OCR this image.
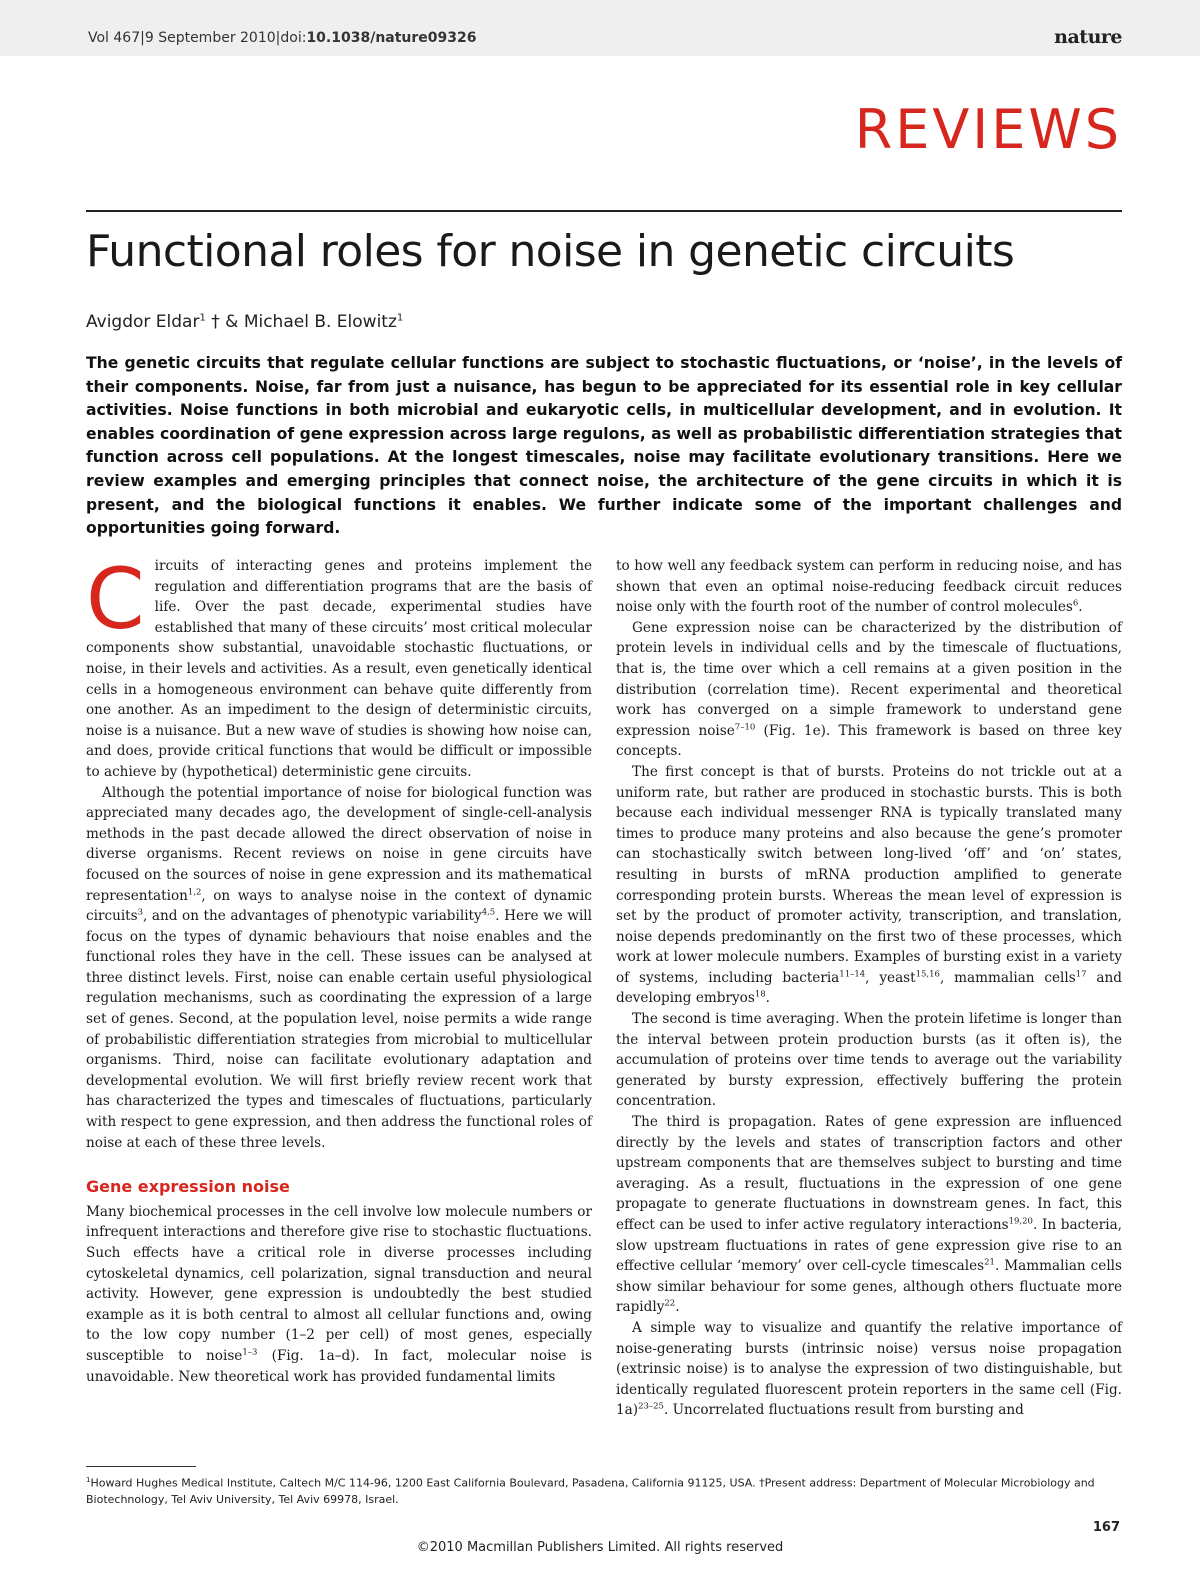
Vol 467|9 September 2010|doi:10.1038/nature09326	nature
REVIEWS
Functional roles for noise in genetic circuits
Avigdor Eldar$^1$ † & Michael B. Elowitz$^1$

The genetic circuits that regulate cellular functions are subject to stochastic fluctuations, or ‘noise’, in the levels of their components. Noise, far from just a nuisance, has begun to be appreciated for its essential role in key cellular activities. Noise functions in both microbial and eukaryotic cells, in multicellular development, and in evolution. It enables coordination of gene expression across large regulons, as well as probabilistic differentiation strategies that function across cell populations. At the longest timescales, noise may facilitate evolutionary transitions. Here we review examples and emerging principles that connect noise, the architecture of the gene circuits in which it is present, and the biological functions it enables. We further indicate some of the important challenges and opportunities going forward.

Circuits of interacting genes and proteins implement the regulation and differentiation programs that are the basis of life. Over the past decade, experimental studies have established that many of these circuits’ most critical molecular components show substantial, unavoidable stochastic fluctuations, or noise, in their levels and activities. As a result, even genetically identical cells in a homogeneous environment can behave quite differently from one another. As an impediment to the design of deterministic circuits, noise is a nuisance. But a new wave of studies is showing how noise can, and does, provide critical functions that would be difficult or impossible to achieve by (hypothetical) deterministic gene circuits.

Although the potential importance of noise for biological function was appreciated many decades ago, the development of single-cell-analysis methods in the past decade allowed the direct observation of noise in diverse organisms. Recent reviews on noise in gene circuits have focused on the sources of noise in gene expression and its mathematical representation$^{1,2}$, on ways to analyse noise in the context of dynamic circuits$^3$, and on the advantages of phenotypic variability$^{4,5}$. Here we will focus on the types of dynamic behaviours that noise enables and the functional roles they have in the cell. These issues can be analysed at three distinct levels. First, noise can enable certain useful physiological regulation mechanisms, such as coordinating the expression of a large set of genes. Second, at the population level, noise permits a wide range of probabilistic differentiation strategies from microbial to multicellular organisms. Third, noise can facilitate evolutionary adaptation and developmental evolution. We will first briefly review recent work that has characterized the types and timescales of fluctuations, particularly with respect to gene expression, and then address the functional roles of noise at each of these three levels.

Gene expression noise

Many biochemical processes in the cell involve low molecule numbers or infrequent interactions and therefore give rise to stochastic fluctuations. Such effects have a critical role in diverse processes including cytoskeletal dynamics, cell polarization, signal transduction and neural activity. However, gene expression is undoubtedly the best studied example as it is both central to almost all cellular functions and, owing to the low copy number (1–2 per cell) of most genes, especially susceptible to noise$^{1-3}$ (Fig. 1a–d). In fact, molecular noise is unavoidable. New theoretical work has provided fundamental limits

to how well any feedback system can perform in reducing noise, and has shown that even an optimal noise-reducing feedback circuit reduces noise only with the fourth root of the number of control molecules$^6$.

Gene expression noise can be characterized by the distribution of protein levels in individual cells and by the timescale of fluctuations, that is, the time over which a cell remains at a given position in the distribution (correlation time). Recent experimental and theoretical work has converged on a simple framework to understand gene expression noise$^{7-10}$ (Fig. 1e). This framework is based on three key concepts.

The first concept is that of bursts. Proteins do not trickle out at a uniform rate, but rather are produced in stochastic bursts. This is both because each individual messenger RNA is typically translated many times to produce many proteins and also because the gene’s promoter can stochastically switch between long-lived ‘off’ and ‘on’ states, resulting in bursts of mRNA production amplified to generate corresponding protein bursts. Whereas the mean level of expression is set by the product of promoter activity, transcription, and translation, noise depends predominantly on the first two of these processes, which work at lower molecule numbers. Examples of bursting exist in a variety of systems, including bacteria$^{11-14}$, yeast$^{15,16}$, mammalian cells$^{17}$ and developing embryos$^{18}$.

The second is time averaging. When the protein lifetime is longer than the interval between protein production bursts (as it often is), the accumulation of proteins over time tends to average out the variability generated by bursty expression, effectively buffering the protein concentration.

The third is propagation. Rates of gene expression are influenced directly by the levels and states of transcription factors and other upstream components that are themselves subject to bursting and time averaging. As a result, fluctuations in the expression of one gene propagate to generate fluctuations in downstream genes. In fact, this effect can be used to infer active regulatory interactions$^{19,20}$. In bacteria, slow upstream fluctuations in rates of gene expression give rise to an effective cellular ‘memory’ over cell-cycle timescales$^{21}$. Mammalian cells show similar behaviour for some genes, although others fluctuate more rapidly$^{22}$.

A simple way to visualize and quantify the relative importance of noise-generating bursts (intrinsic noise) versus noise propagation (extrinsic noise) is to analyse the expression of two distinguishable, but identically regulated fluorescent protein reporters in the same cell (Fig. 1a)$^{23-25}$. Uncorrelated fluctuations result from bursting and

$^1$Howard Hughes Medical Institute, Caltech M/C 114-96, 1200 East California Boulevard, Pasadena, California 91125, USA. †Present address: Department of Molecular Microbiology and Biotechnology, Tel Aviv University, Tel Aviv 69978, Israel.
167
©2010 Macmillan Publishers Limited. All rights reserved
